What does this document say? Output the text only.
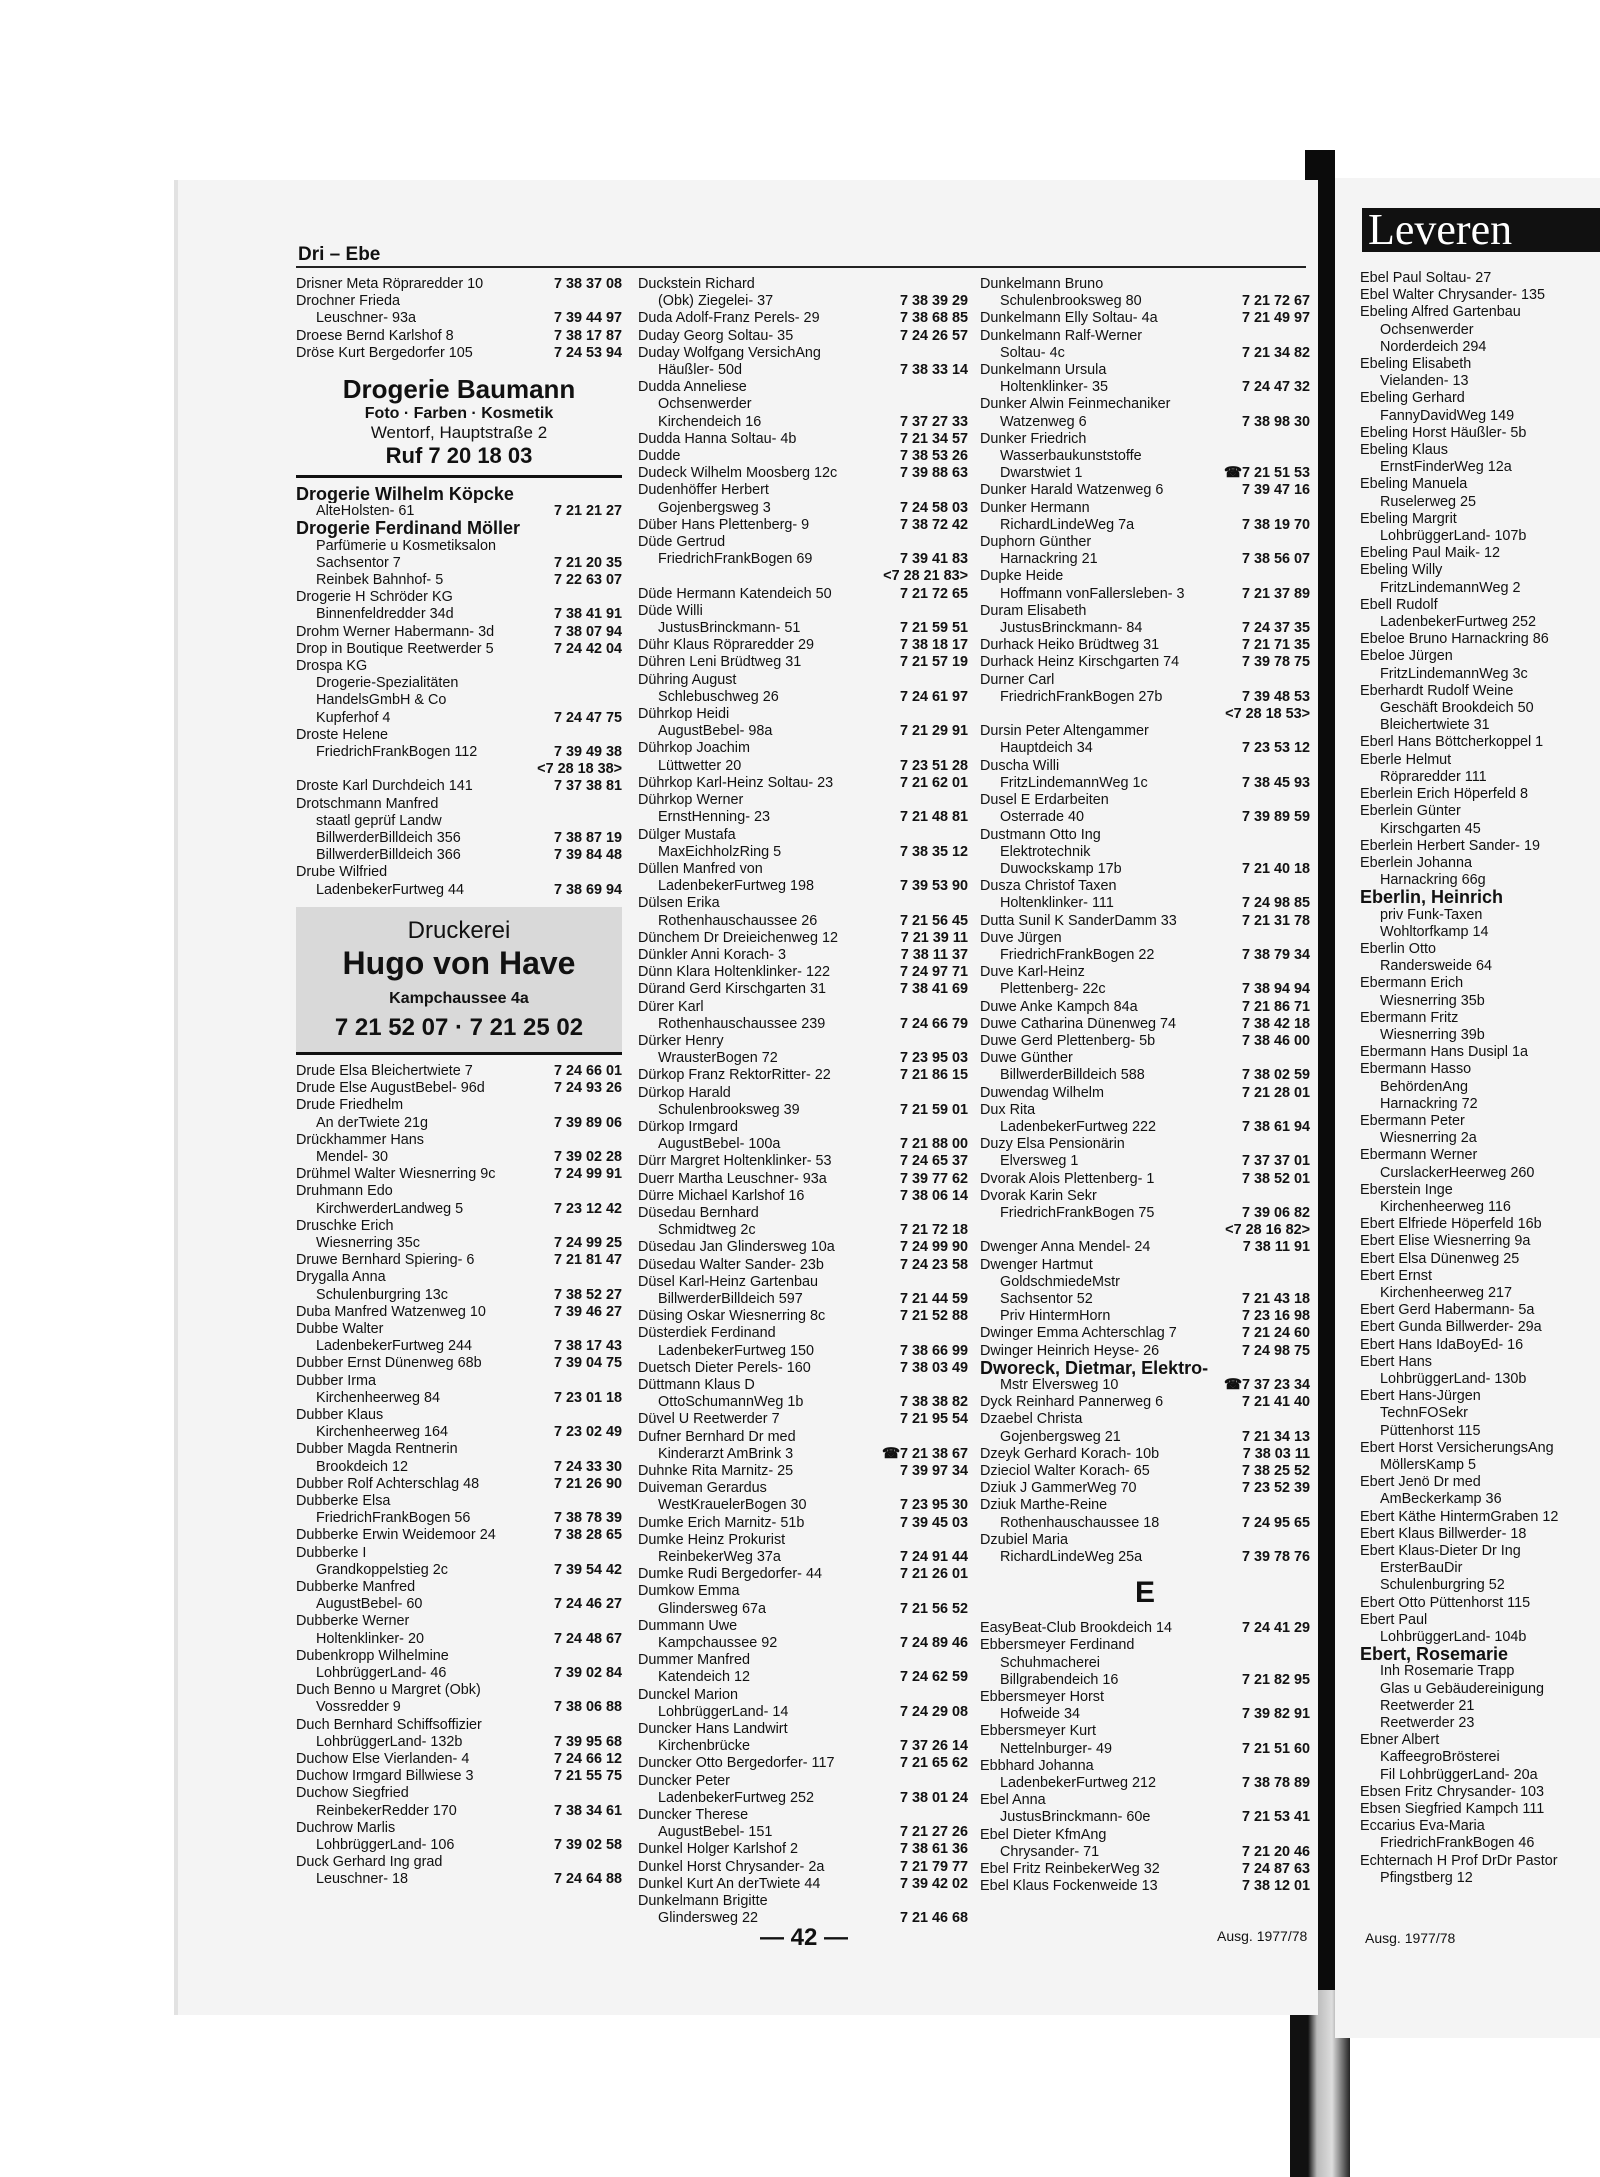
Leveren
Dri – Ebe
Drisner Meta Röpraredder 10	7 38 37 08
Drochner Frieda
Leuschner- 93a	7 39 44 97
Droese Bernd Karlshof 8	7 38 17 87
Dröse Kurt Bergedorfer 105	7 24 53 94
Drogerie Baumann
Foto · Farben · Kosmetik
Wentorf, Hauptstraße 2
Ruf 7 20 18 03
Drogerie Wilhelm Köpcke
AlteHolsten- 61	7 21 21 27
Drogerie Ferdinand Möller
Parfümerie u Kosmetiksalon
Sachsentor 7	7 21 20 35
Reinbek Bahnhof- 5	7 22 63 07
Drogerie H Schröder KG
Binnenfeldredder 34d	7 38 41 91
Drohm Werner Habermann- 3d	7 38 07 94
Drop in Boutique Reetwerder 5	7 24 42 04
Drospa KG
Drogerie-Spezialitäten
HandelsGmbH & Co
Kupferhof 4	7 24 47 75
Droste Helene
FriedrichFrankBogen 112	7 39 49 38
<7 28 18 38>
Droste Karl Durchdeich 141	7 37 38 81
Drotschmann Manfred
staatl geprüf Landw
BillwerderBilldeich 356	7 38 87 19
BillwerderBilldeich 366	7 39 84 48
Drube Wilfried
LadenbekerFurtweg 44	7 38 69 94
Druckerei
Hugo von Have
Kampchaussee 4a
7 21 52 07 · 7 21 25 02
Drude Elsa Bleichertwiete 7	7 24 66 01
Drude Else AugustBebel- 96d	7 24 93 26
Drude Friedhelm
An derTwiete 21g	7 39 89 06
Drückhammer Hans
Mendel- 30	7 39 02 28
Drühmel Walter Wiesnerring 9c	7 24 99 91
Druhmann Edo
KirchwerderLandweg 5	7 23 12 42
Druschke Erich
Wiesnerring 35c	7 24 99 25
Druwe Bernhard Spiering- 6	7 21 81 47
Drygalla Anna
Schulenburgring 13c	7 38 52 27
Duba Manfred Watzenweg 10	7 39 46 27
Dubbe Walter
LadenbekerFurtweg 244	7 38 17 43
Dubber Ernst Dünenweg 68b	7 39 04 75
Dubber Irma
Kirchenheerweg 84	7 23 01 18
Dubber Klaus
Kirchenheerweg 164	7 23 02 49
Dubber Magda Rentnerin
Brookdeich 12	7 24 33 30
Dubber Rolf Achterschlag 48	7 21 26 90
Dubberke Elsa
FriedrichFrankBogen 56	7 38 78 39
Dubberke Erwin Weidemoor 24	7 38 28 65
Dubberke I
Grandkoppelstieg 2c	7 39 54 42
Dubberke Manfred
AugustBebel- 60	7 24 46 27
Dubberke Werner
Holtenklinker- 20	7 24 48 67
Dubenkropp Wilhelmine
LohbrüggerLand- 46	7 39 02 84
Duch Benno u Margret (Obk)
Vossredder 9	7 38 06 88
Duch Bernhard Schiffsoffizier
LohbrüggerLand- 132b	7 39 95 68
Duchow Else Vierlanden- 4	7 24 66 12
Duchow Irmgard Billwiese 3	7 21 55 75
Duchow Siegfried
ReinbekerRedder 170	7 38 34 61
Duchrow Marlis
LohbrüggerLand- 106	7 39 02 58
Duck Gerhard Ing grad
Leuschner- 18	7 24 64 88
Duckstein Richard
(Obk) Ziegelei- 37	7 38 39 29
Duda Adolf-Franz Perels- 29	7 38 68 85
Duday Georg Soltau- 35	7 24 26 57
Duday Wolfgang VersichAng
Häußler- 50d	7 38 33 14
Dudda Anneliese
Ochsenwerder
Kirchendeich 16	7 37 27 33
Dudda Hanna Soltau- 4b	7 21 34 57
Dudde	7 38 53 26
Dudeck Wilhelm Moosberg 12c	7 39 88 63
Dudenhöffer Herbert
Gojenbergsweg 3	7 24 58 03
Düber Hans Plettenberg- 9	7 38 72 42
Düde Gertrud
FriedrichFrankBogen 69	7 39 41 83
<7 28 21 83>
Düde Hermann Katendeich 50	7 21 72 65
Düde Willi
JustusBrinckmann- 51	7 21 59 51
Dühr Klaus Röpraredder 29	7 38 18 17
Dühren Leni Brüdtweg 31	7 21 57 19
Dühring August
Schlebuschweg 26	7 24 61 97
Dührkop Heidi
AugustBebel- 98a	7 21 29 91
Dührkop Joachim
Lüttwetter 20	7 23 51 28
Dührkop Karl-Heinz Soltau- 23	7 21 62 01
Dührkop Werner
ErnstHenning- 23	7 21 48 81
Dülger Mustafa
MaxEichholzRing 5	7 38 35 12
Düllen Manfred von
LadenbekerFurtweg 198	7 39 53 90
Dülsen Erika
Rothenhauschaussee 26	7 21 56 45
Dünchem Dr Dreieichenweg 12	7 21 39 11
Dünkler Anni Korach- 3	7 38 11 37
Dünn Klara Holtenklinker- 122	7 24 97 71
Dürand Gerd Kirschgarten 31	7 38 41 69
Dürer Karl
Rothenhauschaussee 239	7 24 66 79
Dürker Henry
WrausterBogen 72	7 23 95 03
Dürkop Franz RektorRitter- 22	7 21 86 15
Dürkop Harald
Schulenbrooksweg 39	7 21 59 01
Dürkop Irmgard
AugustBebel- 100a	7 21 88 00
Dürr Margret Holtenklinker- 53	7 24 65 37
Duerr Martha Leuschner- 93a	7 39 77 62
Dürre Michael Karlshof 16	7 38 06 14
Düsedau Bernhard
Schmidtweg 2c	7 21 72 18
Düsedau Jan Glindersweg 10a	7 24 99 90
Düsedau Walter Sander- 23b	7 24 23 58
Düsel Karl-Heinz Gartenbau
BillwerderBilldeich 597	7 21 44 59
Düsing Oskar Wiesnerring 8c	7 21 52 88
Düsterdiek Ferdinand
LadenbekerFurtweg 150	7 38 66 99
Duetsch Dieter Perels- 160	7 38 03 49
Düttmann Klaus D
OttoSchumannWeg 1b	7 38 38 82
Düvel U Reetwerder 7	7 21 95 54
Dufner Bernhard Dr med
Kinderarzt AmBrink 3	☎7 21 38 67
Duhnke Rita Marnitz- 25	7 39 97 34
Duiveman Gerardus
WestKrauelerBogen 30	7 23 95 30
Dumke Erich Marnitz- 51b	7 39 45 03
Dumke Heinz Prokurist
ReinbekerWeg 37a	7 24 91 44
Dumke Rudi Bergedorfer- 44	7 21 26 01
Dumkow Emma
Glindersweg 67a	7 21 56 52
Dummann Uwe
Kampchaussee 92	7 24 89 46
Dummer Manfred
Katendeich 12	7 24 62 59
Dunckel Marion
LohbrüggerLand- 14	7 24 29 08
Duncker Hans Landwirt
Kirchenbrücke	7 37 26 14
Duncker Otto Bergedorfer- 117	7 21 65 62
Duncker Peter
LadenbekerFurtweg 252	7 38 01 24
Duncker Therese
AugustBebel- 151	7 21 27 26
Dunkel Holger Karlshof 2	7 38 61 36
Dunkel Horst Chrysander- 2a	7 21 79 77
Dunkel Kurt An derTwiete 44	7 39 42 02
Dunkelmann Brigitte
Glindersweg 22	7 21 46 68
Dunkelmann Bruno
Schulenbrooksweg 80	7 21 72 67
Dunkelmann Elly Soltau- 4a	7 21 49 97
Dunkelmann Ralf-Werner
Soltau- 4c	7 21 34 82
Dunkelmann Ursula
Holtenklinker- 35	7 24 47 32
Dunker Alwin Feinmechaniker
Watzenweg 6	7 38 98 30
Dunker Friedrich
Wasserbaukunststoffe
Dwarstwiet 1	☎7 21 51 53
Dunker Harald Watzenweg 6	7 39 47 16
Dunker Hermann
RichardLindeWeg 7a	7 38 19 70
Duphorn Günther
Harnackring 21	7 38 56 07
Dupke Heide
Hoffmann vonFallersleben- 3	7 21 37 89
Duram Elisabeth
JustusBrinckmann- 84	7 24 37 35
Durhack Heiko Brüdtweg 31	7 21 71 35
Durhack Heinz Kirschgarten 74	7 39 78 75
Durner Carl
FriedrichFrankBogen 27b	7 39 48 53
<7 28 18 53>
Dursin Peter Altengammer
Hauptdeich 34	7 23 53 12
Duscha Willi
FritzLindemannWeg 1c	7 38 45 93
Dusel E Erdarbeiten
Osterrade 40	7 39 89 59
Dustmann Otto Ing
Elektrotechnik
Duwockskamp 17b	7 21 40 18
Dusza Christof Taxen
Holtenklinker- 111	7 24 98 85
Dutta Sunil K SanderDamm 33	7 21 31 78
Duve Jürgen
FriedrichFrankBogen 22	7 38 79 34
Duve Karl-Heinz
Plettenberg- 22c	7 38 94 94
Duwe Anke Kampch 84a	7 21 86 71
Duwe Catharina Dünenweg 74	7 38 42 18
Duwe Gerd Plettenberg- 5b	7 38 46 00
Duwe Günther
BillwerderBilldeich 588	7 38 02 59
Duwendag Wilhelm	7 21 28 01
Dux Rita
LadenbekerFurtweg 222	7 38 61 94
Duzy Elsa Pensionärin
Elversweg 1	7 37 37 01
Dvorak Alois Plettenberg- 1	7 38 52 01
Dvorak Karin Sekr
FriedrichFrankBogen 75	7 39 06 82
<7 28 16 82>
Dwenger Anna Mendel- 24	7 38 11 91
Dwenger Hartmut
GoldschmiedeMstr
Sachsentor 52	7 21 43 18
Priv HintermHorn	7 23 16 98
Dwinger Emma Achterschlag 7	7 21 24 60
Dwinger Heinrich Heyse- 26	7 24 98 75
Dworeck, Dietmar, Elektro-
Mstr Elversweg 10	☎7 37 23 34
Dyck Reinhard Pannerweg 6	7 21 41 40
Dzaebel Christa
Gojenbergsweg 21	7 21 34 13
Dzeyk Gerhard Korach- 10b	7 38 03 11
Dzieciol Walter Korach- 65	7 38 25 52
Dziuk J GammerWeg 70	7 23 52 39
Dziuk Marthe-Reine
Rothenhauschaussee 18	7 24 95 65
Dzubiel Maria
RichardLindeWeg 25a	7 39 78 76
E
EasyBeat-Club Brookdeich 14	7 24 41 29
Ebbersmeyer Ferdinand
Schuhmacherei
Billgrabendeich 16	7 21 82 95
Ebbersmeyer Horst
Hofweide 34	7 39 82 91
Ebbersmeyer Kurt
Nettelnburger- 49	7 21 51 60
Ebbhard Johanna
LadenbekerFurtweg 212	7 38 78 89
Ebel Anna
JustusBrinckmann- 60e	7 21 53 41
Ebel Dieter KfmAng
Chrysander- 71	7 21 20 46
Ebel Fritz ReinbekerWeg 32	7 24 87 63
Ebel Klaus Fockenweide 13	7 38 12 01
Ebel Paul Soltau- 27
Ebel Walter Chrysander- 135
Ebeling Alfred Gartenbau
Ochsenwerder
Norderdeich 294
Ebeling Elisabeth
Vielanden- 13
Ebeling Gerhard
FannyDavidWeg 149
Ebeling Horst Häußler- 5b
Ebeling Klaus
ErnstFinderWeg 12a
Ebeling Manuela
Ruselerweg 25
Ebeling Margrit
LohbrüggerLand- 107b
Ebeling Paul Maik- 12
Ebeling Willy
FritzLindemannWeg 2
Ebell Rudolf
LadenbekerFurtweg 252
Ebeloe Bruno Harnackring 86
Ebeloe Jürgen
FritzLindemannWeg 3c
Eberhardt Rudolf Weine
Geschäft Brookdeich 50
Bleichertwiete 31
Eberl Hans Böttcherkoppel 1
Eberle Helmut
Röpraredder 111
Eberlein Erich Höperfeld 8
Eberlein Günter
Kirschgarten 45
Eberlein Herbert Sander- 19
Eberlein Johanna
Harnackring 66g
Eberlin, Heinrich
priv Funk-Taxen
Wohltorfkamp 14
Eberlin Otto
Randersweide 64
Ebermann Erich
Wiesnerring 35b
Ebermann Fritz
Wiesnerring 39b
Ebermann Hans Dusipl 1a
Ebermann Hasso
BehördenAng
Harnackring 72
Ebermann Peter
Wiesnerring 2a
Ebermann Werner
CurslackerHeerweg 260
Eberstein Inge
Kirchenheerweg 116
Ebert Elfriede Höperfeld 16b
Ebert Elise Wiesnerring 9a
Ebert Elsa Dünenweg 25
Ebert Ernst
Kirchenheerweg 217
Ebert Gerd Habermann- 5a
Ebert Gunda Billwerder- 29a
Ebert Hans IdaBoyEd- 16
Ebert Hans
LohbrüggerLand- 130b
Ebert Hans-Jürgen
TechnFOSekr
Püttenhorst 115
Ebert Horst VersicherungsAng
MöllersKamp 5
Ebert Jenö Dr med
AmBeckerkamp 36
Ebert Käthe HintermGraben 12
Ebert Klaus Billwerder- 18
Ebert Klaus-Dieter Dr Ing
ErsterBauDir
Schulenburgring 52
Ebert Otto Püttenhorst 115
Ebert Paul
LohbrüggerLand- 104b
Ebert, Rosemarie
Inh Rosemarie Trapp
Glas u Gebäudereinigung
Reetwerder 21
Reetwerder 23
Ebner Albert
KaffeegroBrösterei
Fil LohbrüggerLand- 20a
Ebsen Fritz Chrysander- 103
Ebsen Siegfried Kampch 111
Eccarius Eva-Maria
FriedrichFrankBogen 46
Echternach H Prof DrDr Pastor
Pfingstberg 12
— 42 —	Ausg. 1977/78	Ausg. 1977/78
